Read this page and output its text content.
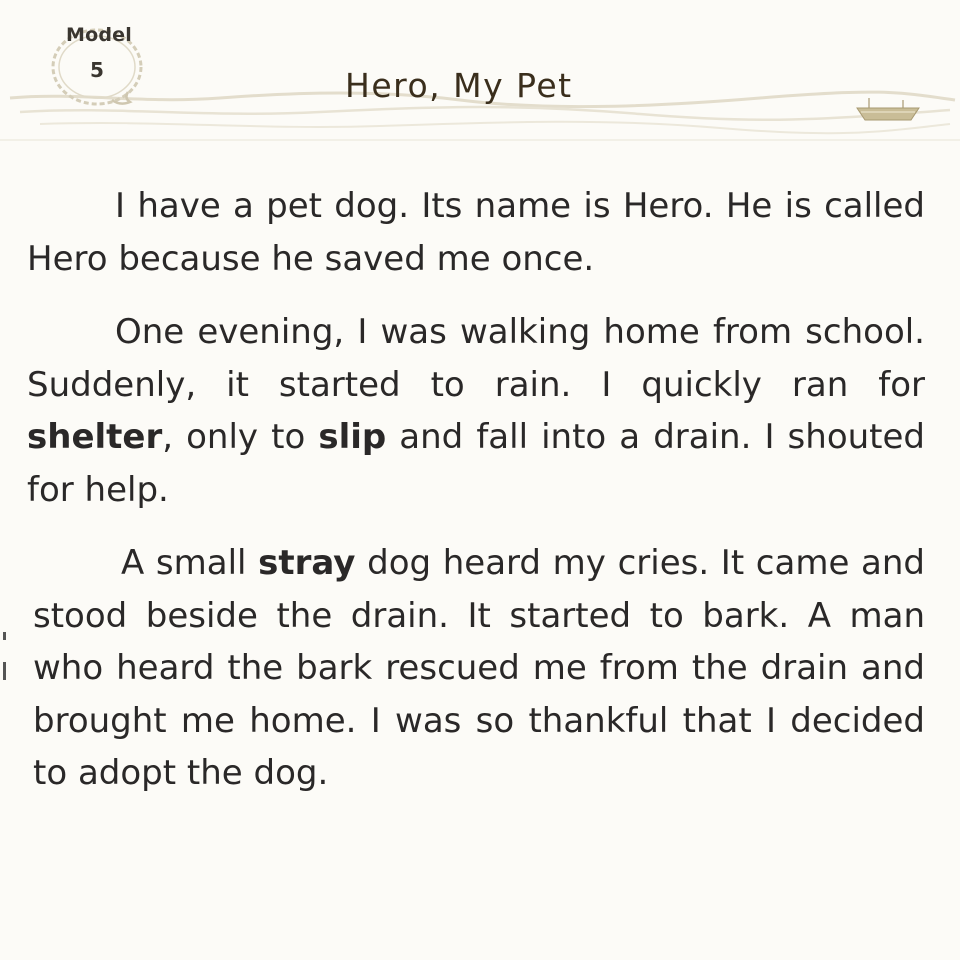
Model
5	Hero, My Pet

I have a pet dog. Its name is Hero. He is called Hero because he saved me once.

One evening, I was walking home from school. Suddenly, it started to rain. I quickly ran for shelter, only to slip and fall into a drain. I shouted for help.

A small stray dog heard my cries. It came and stood beside the drain. It started to bark. A man who heard the bark rescued me from the drain and brought me home. I was so thankful that I decided to adopt the dog.
